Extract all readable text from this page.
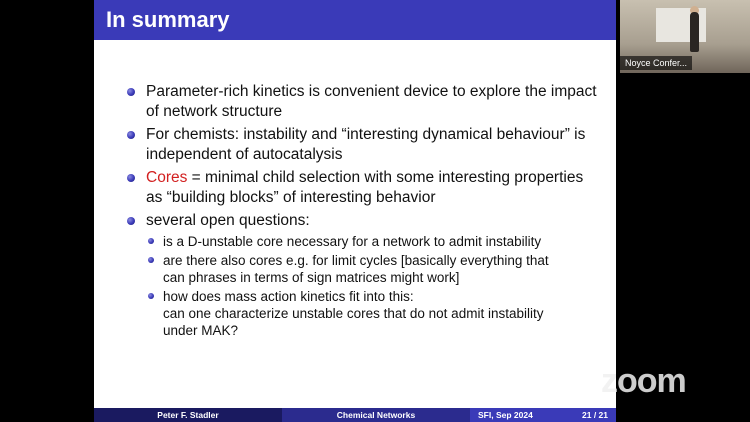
In summary
Parameter-rich kinetics is convenient device to explore the impact
of network structure
For chemists: instability and “interesting dynamical behaviour” is
independent of autocatalysis
Cores = minimal child selection with some interesting properties
as “building blocks” of interesting behavior
several open questions:
is a D-unstable core necessary for a network to admit instability
are there also cores e.g. for limit cycles [basically everything that
can phrases in terms of sign matrices might work]
how does mass action kinetics fit into this:
can one characterize unstable cores that do not admit instability
under MAK?
Peter F. Stadler	Chemical Networks	SFI, Sep 2024	21 / 21
Noyce Confer...
zoom
